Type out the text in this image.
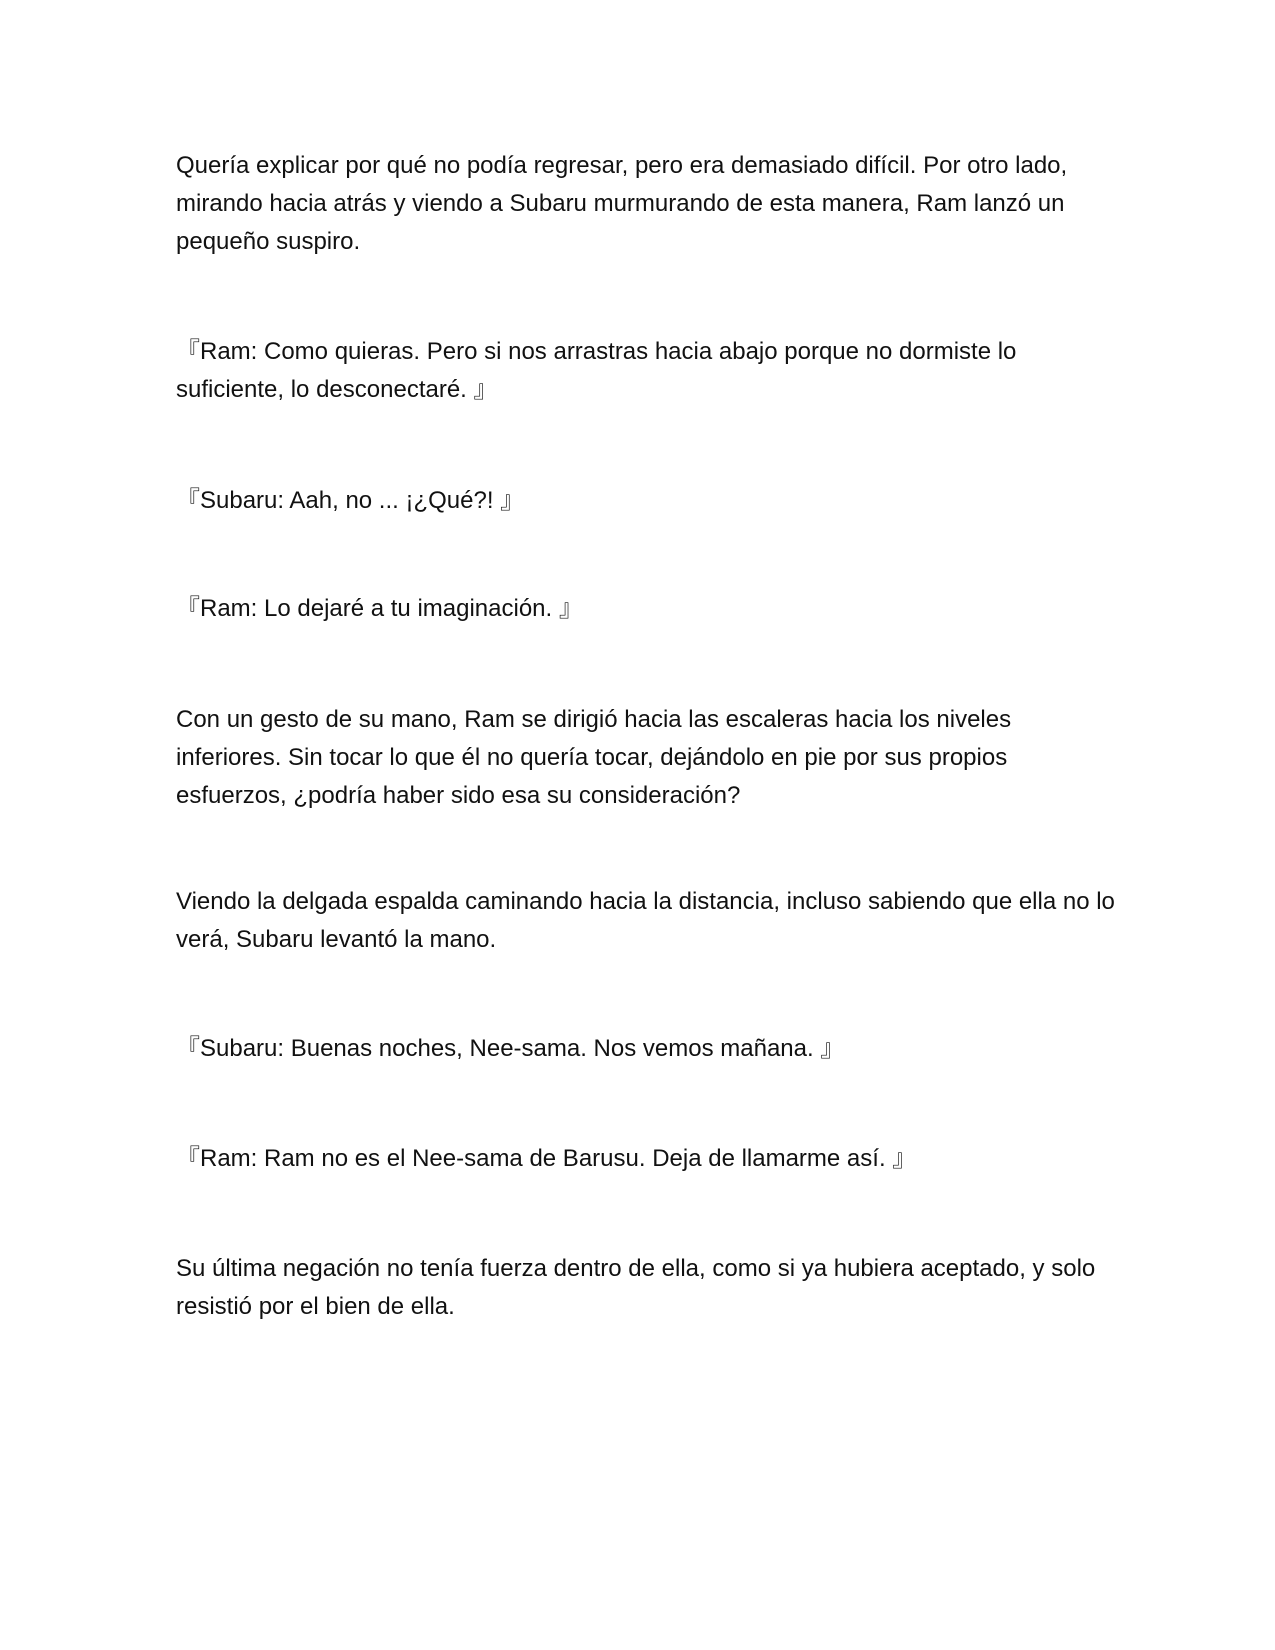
Quería explicar por qué no podía regresar, pero era demasiado difícil. Por otro lado, mirando hacia atrás y viendo a Subaru murmurando de esta manera, Ram lanzó un pequeño suspiro.

『Ram: Como quieras. Pero si nos arrastras hacia abajo porque no dormiste lo suficiente, lo desconectaré. 』

『Subaru: Aah, no ... ¡¿Qué?! 』

『Ram: Lo dejaré a tu imaginación. 』

Con un gesto de su mano, Ram se dirigió hacia las escaleras hacia los niveles inferiores. Sin tocar lo que él no quería tocar, dejándolo en pie por sus propios esfuerzos, ¿podría haber sido esa su consideración?

Viendo la delgada espalda caminando hacia la distancia, incluso sabiendo que ella no lo verá, Subaru levantó la mano.

『Subaru: Buenas noches, Nee-sama. Nos vemos mañana. 』

『Ram: Ram no es el Nee-sama de Barusu. Deja de llamarme así. 』

Su última negación no tenía fuerza dentro de ella, como si ya hubiera aceptado, y solo resistió por el bien de ella.
